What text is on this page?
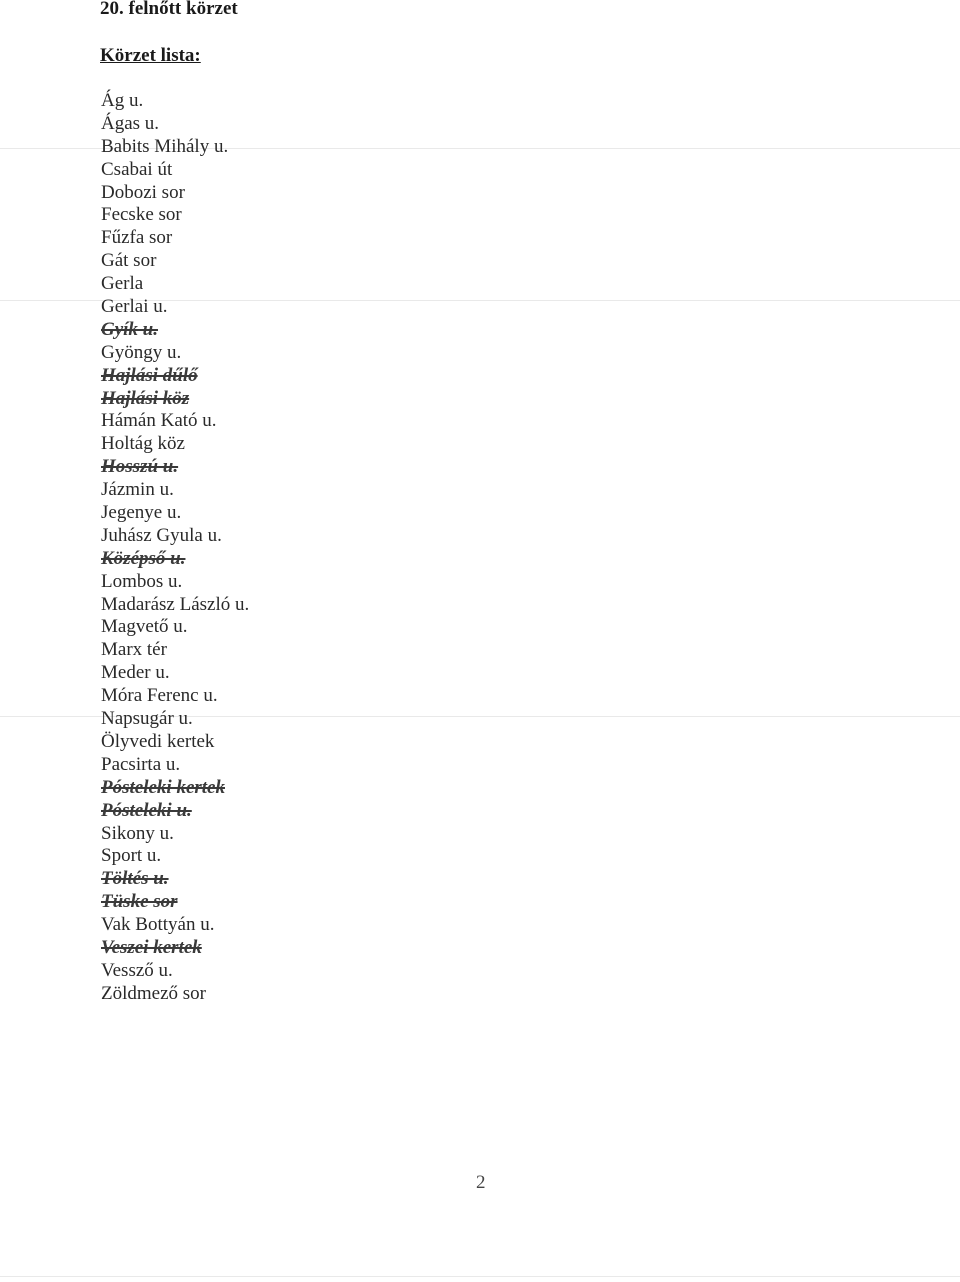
20. felnőtt körzet
Körzet lista:
Ág u.
Ágas u.
Babits Mihály u.
Csabai út
Dobozi sor
Fecske sor
Fűzfa sor
Gát sor
Gerla
Gerlai u.
Gyík u.
Gyöngy u.
Hajlási dűlő
Hajlási köz
Hámán Kató u.
Holtág köz
Hosszú u.
Jázmin u.
Jegenye u.
Juhász Gyula u.
Középső u.
Lombos u.
Madarász László u.
Magvető u.
Marx tér
Meder u.
Móra Ferenc u.
Napsugár u.
Ölyvedi kertek
Pacsirta u.
Pósteleki kertek
Pósteleki u.
Sikony u.
Sport u.
Töltés u.
Tüske sor
Vak Bottyán u.
Veszei kertek
Vessző u.
Zöldmező sor
2
